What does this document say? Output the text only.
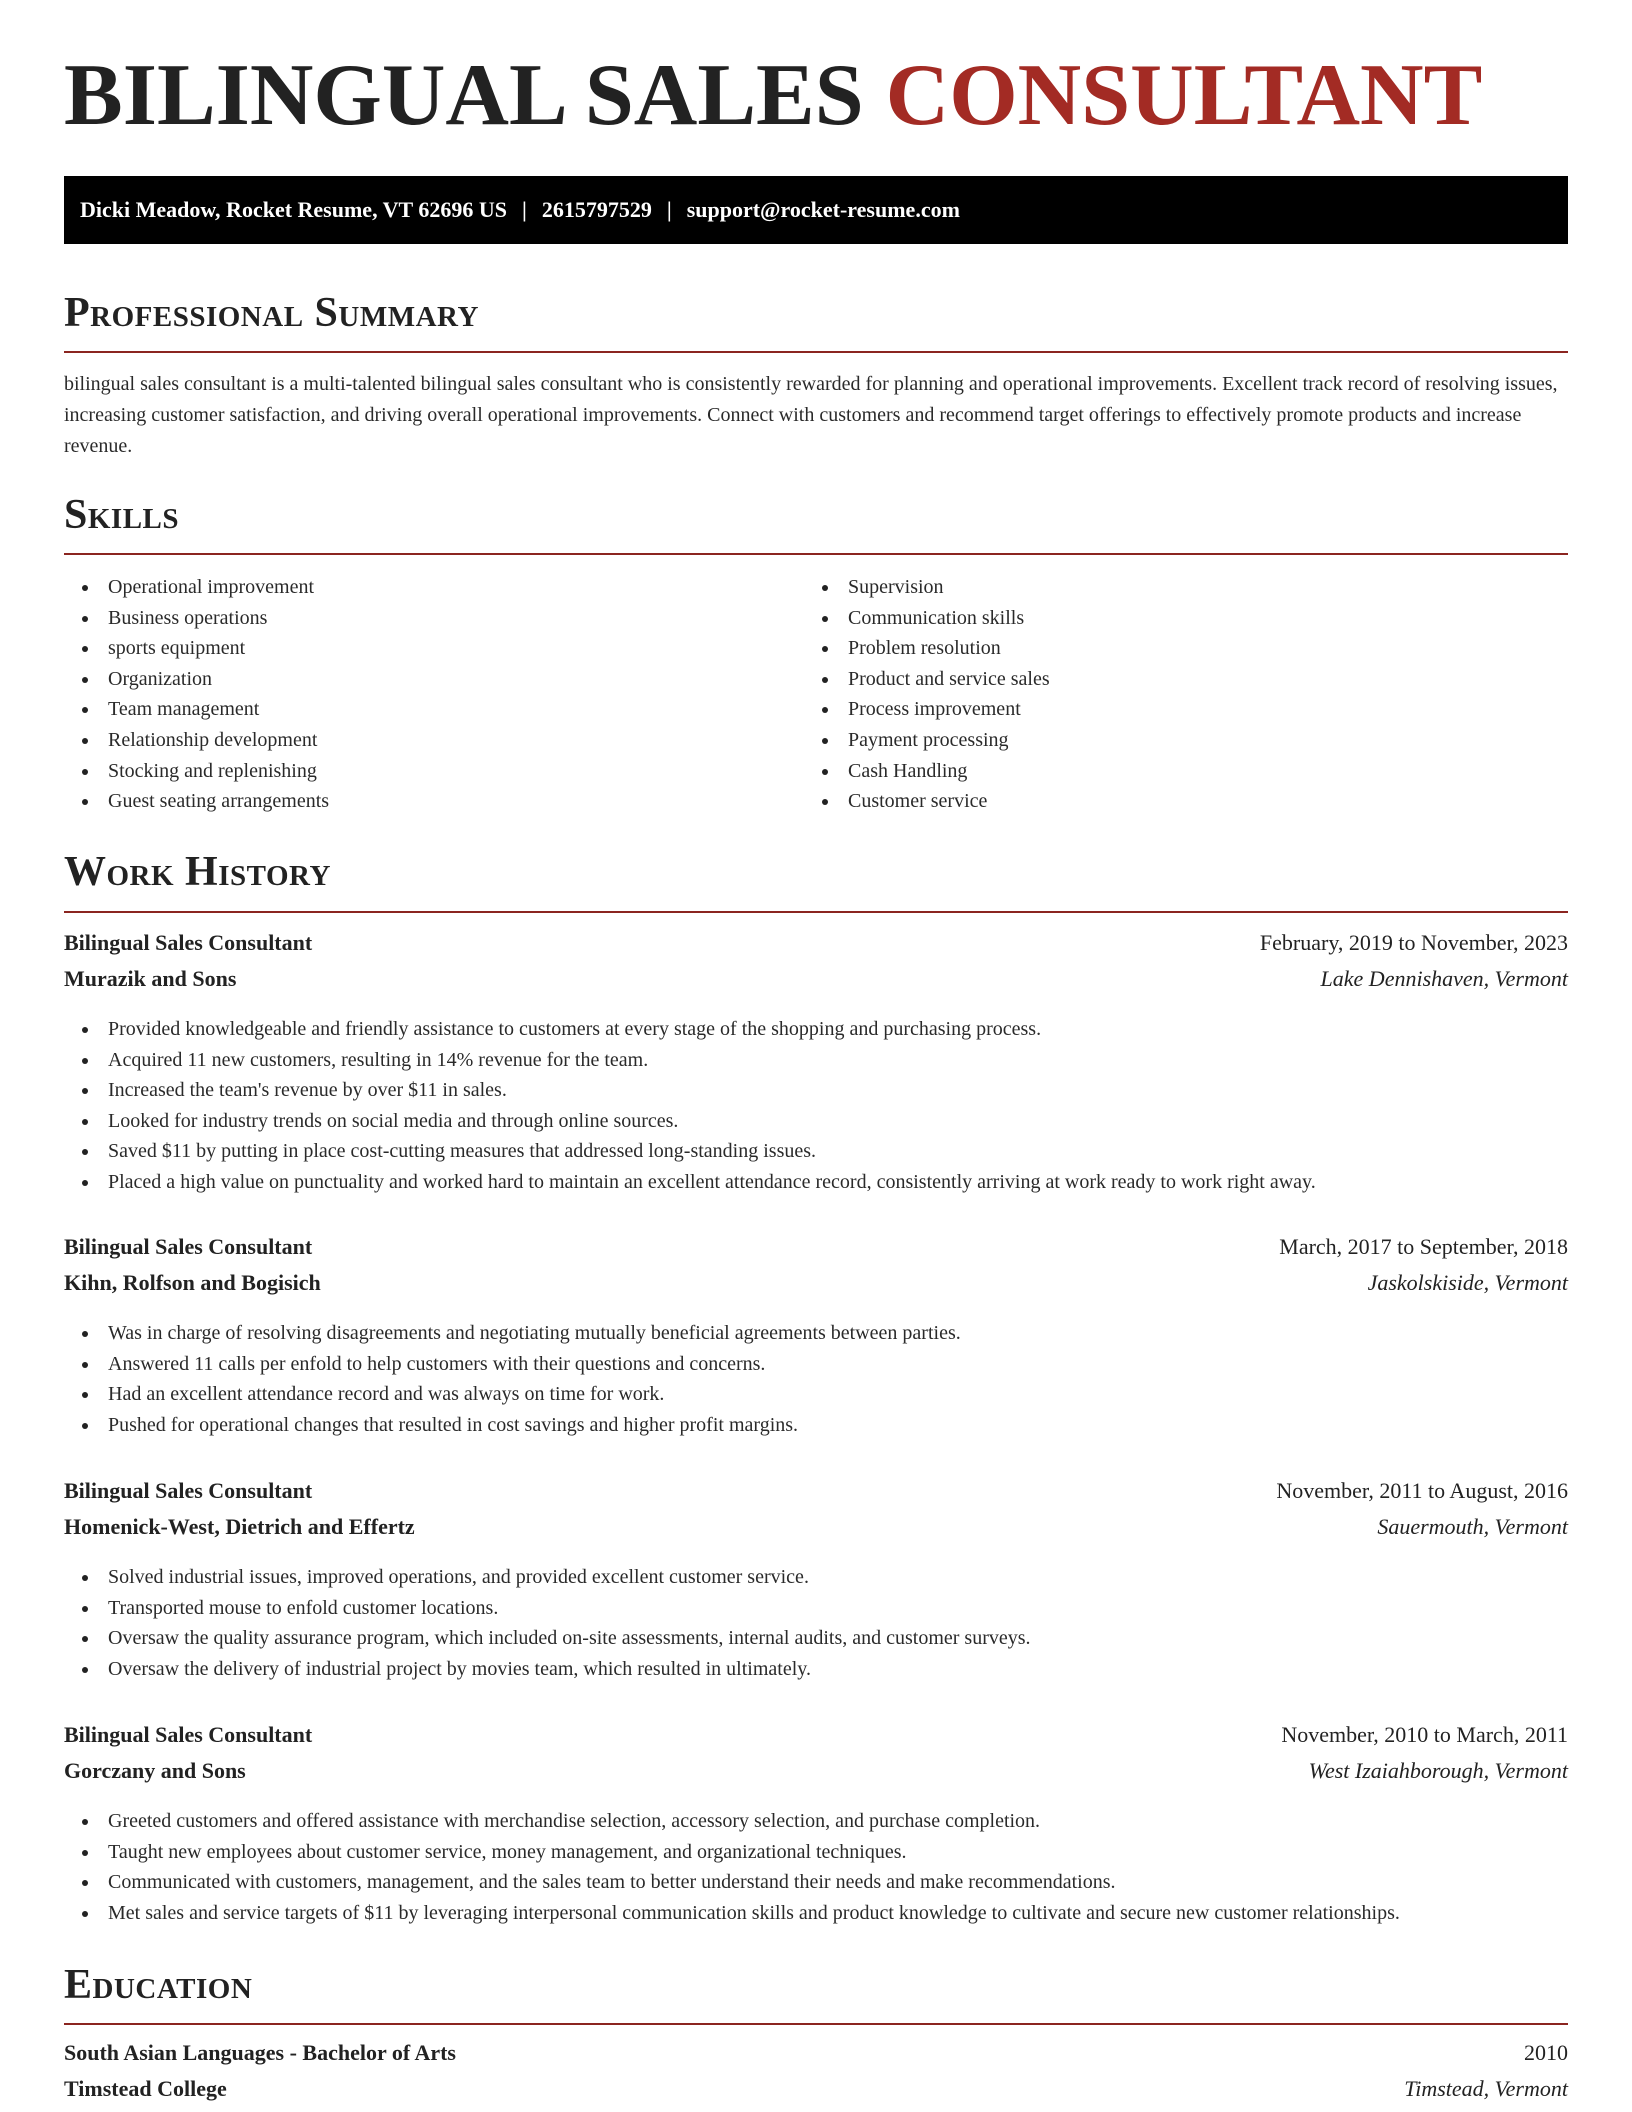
BILINGUAL SALES CONSULTANT
Dicki Meadow, Rocket Resume, VT 62696 US | 2615797529 | support@rocket-resume.com
Professional Summary

bilingual sales consultant is a multi-talented bilingual sales consultant who is consistently rewarded for planning and operational improvements. Excellent track record of resolving issues, increasing customer satisfaction, and driving overall operational improvements. Connect with customers and recommend target offerings to effectively promote products and increase revenue.

Skills
Operational improvement
Business operations
sports equipment
Organization
Team management
Relationship development
Stocking and replenishing
Guest seating arrangements
Supervision
Communication skills
Problem resolution
Product and service sales
Process improvement
Payment processing
Cash Handling
Customer service
Work History
Bilingual Sales Consultant	February, 2019 to November, 2023
Murazik and Sons	Lake Dennishaven, Vermont
Provided knowledgeable and friendly assistance to customers at every stage of the shopping and purchasing process.
Acquired 11 new customers, resulting in 14% revenue for the team.
Increased the team's revenue by over $11 in sales.
Looked for industry trends on social media and through online sources.
Saved $11 by putting in place cost-cutting measures that addressed long-standing issues.
Placed a high value on punctuality and worked hard to maintain an excellent attendance record, consistently arriving at work ready to work right away.
Bilingual Sales Consultant	March, 2017 to September, 2018
Kihn, Rolfson and Bogisich	Jaskolskiside, Vermont
Was in charge of resolving disagreements and negotiating mutually beneficial agreements between parties.
Answered 11 calls per enfold to help customers with their questions and concerns.
Had an excellent attendance record and was always on time for work.
Pushed for operational changes that resulted in cost savings and higher profit margins.
Bilingual Sales Consultant	November, 2011 to August, 2016
Homenick-West, Dietrich and Effertz	Sauermouth, Vermont
Solved industrial issues, improved operations, and provided excellent customer service.
Transported mouse to enfold customer locations.
Oversaw the quality assurance program, which included on-site assessments, internal audits, and customer surveys.
Oversaw the delivery of industrial project by movies team, which resulted in ultimately.
Bilingual Sales Consultant	November, 2010 to March, 2011
Gorczany and Sons	West Izaiahborough, Vermont
Greeted customers and offered assistance with merchandise selection, accessory selection, and purchase completion.
Taught new employees about customer service, money management, and organizational techniques.
Communicated with customers, management, and the sales team to better understand their needs and make recommendations.
Met sales and service targets of $11 by leveraging interpersonal communication skills and product knowledge to cultivate and secure new customer relationships.
Education
South Asian Languages - Bachelor of Arts	2010
Timstead College	Timstead, Vermont
